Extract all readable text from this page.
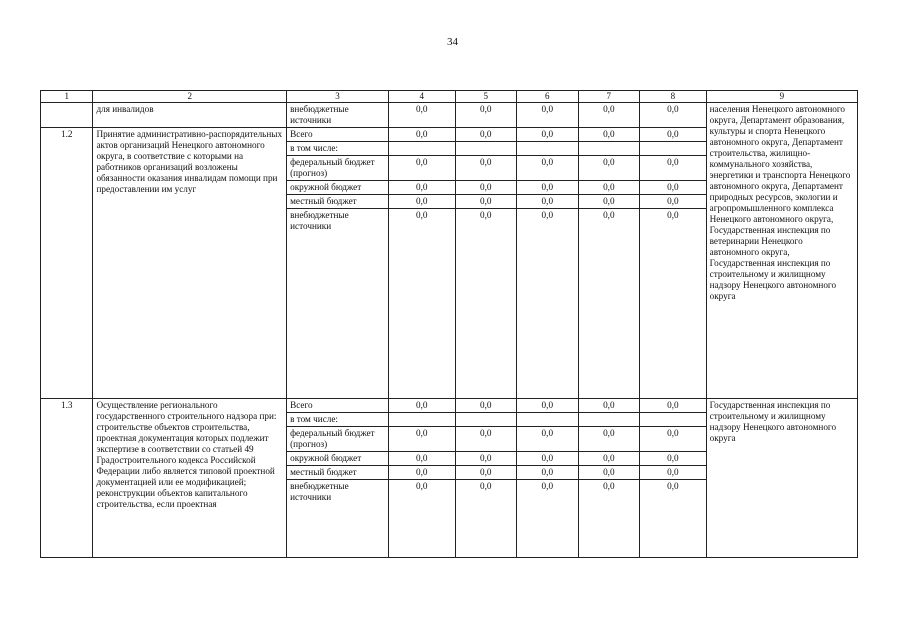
34
1	2	3	4	5	6	7	8	9
	для инвалидов	внебюджетные источники	0,0	0,0	0,0	0,0	0,0	населения Ненецкого автономного округа, Департамент образования, культуры и спорта Ненецкого автономного округа, Департамент строительства, жилищно-коммунального хозяйства, энергетики и транспорта Ненецкого автономного округа, Департамент природных ресурсов, экологии и агропромышленного комплекса Ненецкого автономного округа, Государственная инспекция по ветеринарии Ненецкого автономного округа, Государственная инспекция по строительному и жилищному надзору Ненецкого автономного округа
1.2	Принятие административно-распорядительных актов организаций Ненецкого автономного округа, в соответствие с которыми на работников организаций возложены обязанности оказания инвалидам помощи при предоставлении им услуг	Всего	0,0	0,0	0,0	0,0	0,0	
		в том числе:						
		федеральный бюджет (прогноз)	0,0	0,0	0,0	0,0	0,0	
		окружной бюджет	0,0	0,0	0,0	0,0	0,0	
		местный бюджет	0,0	0,0	0,0	0,0	0,0	
		внебюджетные источники	0,0	0,0	0,0	0,0	0,0	
1.3	Осуществление регионального государственного строительного надзора при: строительстве объектов строительства, проектная документация которых подлежит экспертизе в соответствии со статьей 49 Градостроительного кодекса Российской Федерации либо является типовой проектной документацией или ее модификацией; реконструкции объектов капитального строительства, если проектная	Всего	0,0	0,0	0,0	0,0	0,0	Государственная инспекция по строительному и жилищному надзору Ненецкого автономного округа
		в том числе:						
		федеральный бюджет (прогноз)	0,0	0,0	0,0	0,0	0,0	
		окружной бюджет	0,0	0,0	0,0	0,0	0,0	
		местный бюджет	0,0	0,0	0,0	0,0	0,0	
		внебюджетные источники	0,0	0,0	0,0	0,0	0,0	
